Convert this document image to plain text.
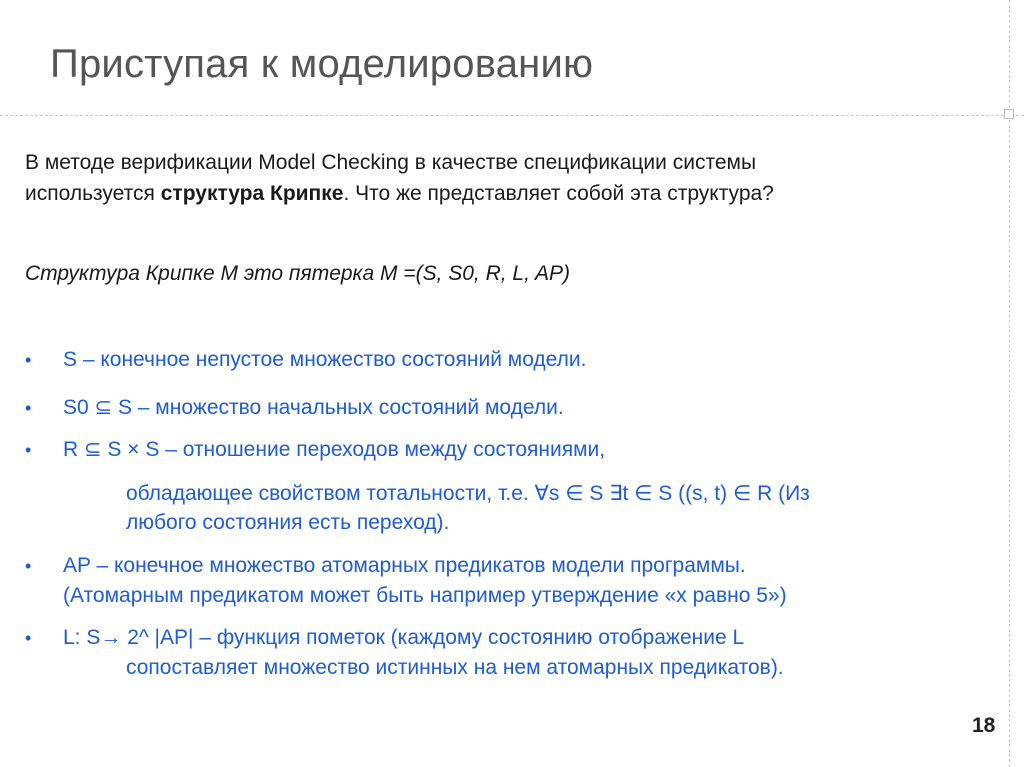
Приступая к моделированию
В методе верификации Model Checking в качестве спецификации системы
используется структура Крипке. Что же представляет собой эта структура?
Структура Крипке M это пятерка M =(S, S0, R, L, AP)
• S – конечное непустое множество состояний модели.
• S0 ⊆ S – множество начальных состояний модели.
• R ⊆ S × S – отношение переходов между состояниями,
обладающее свойством тотальности, т.е. ∀s ∈ S ∃t ∈ S ((s, t) ∈ R (Из
любого состояния есть переход).
• AP – конечное множество атомарных предикатов модели программы.
(Атомарным предикатом может быть например утверждение «x равно 5»)
• L: S→ 2^ |AP| – функция пометок (каждому состоянию отображение L
сопоставляет множество истинных на нем атомарных предикатов).
18
